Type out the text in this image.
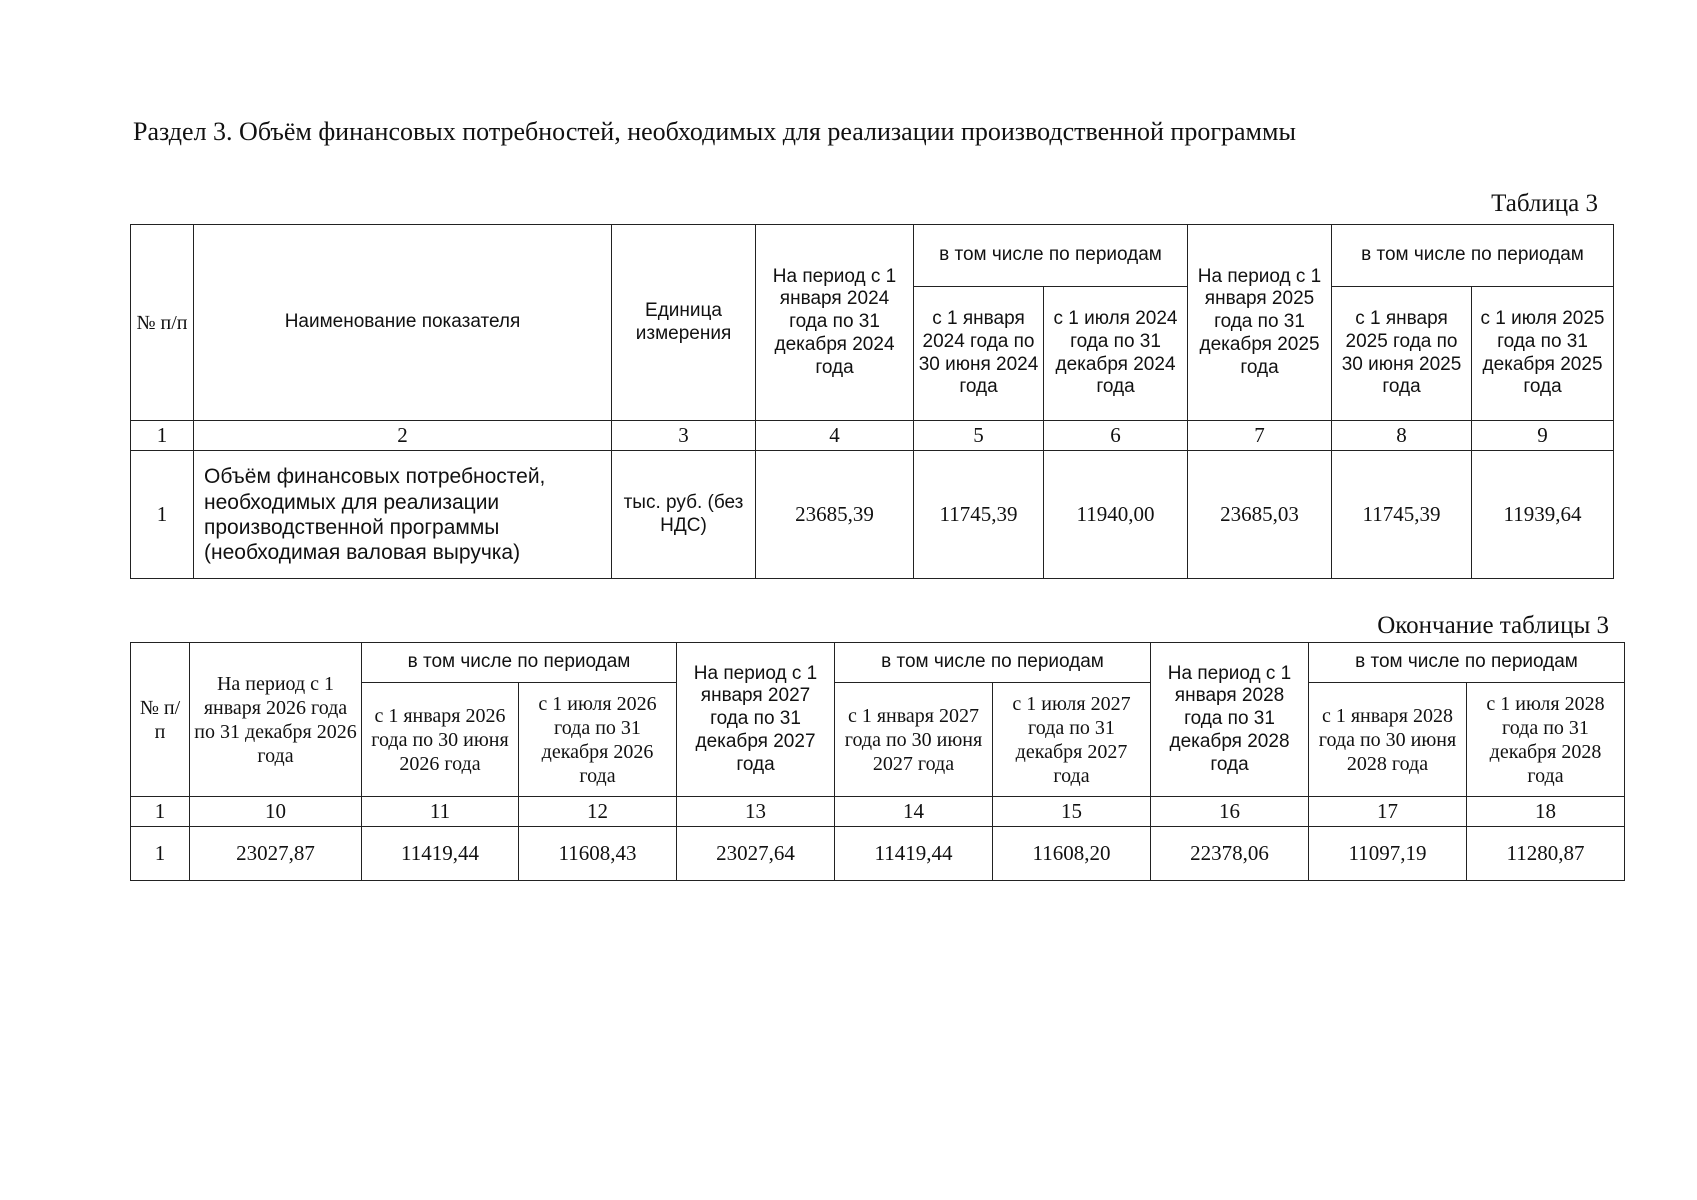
Раздел 3. Объём финансовых потребностей, необходимых для реализации производственной программы
Таблица 3
№ п/п	Наименование показателя	Единица измерения	На период с 1 января 2024 года по 31 декабря 2024 года	в том числе по периодам		На период с 1 января 2025 года по 31 декабря 2025 года	в том числе по периодам	
				с 1 января 2024 года по 30 июня 2024 года	с 1 июля 2024 года по 31 декабря 2024 года		с 1 января 2025 года по 30 июня 2025 года	с 1 июля 2025 года по 31 декабря 2025 года
1	2	3	4	5	6	7	8	9
1	Объём финансовых потребностей, необходимых для реализации производственной программы (необходимая валовая выручка)	тыс. руб. (без НДС)	23685,39	11745,39	11940,00	23685,03	11745,39	11939,64
Окончание таблицы 3
№ п/п	На период с 1 января 2026 года по 31 декабря 2026 года	в том числе по периодам		На период с 1 января 2027 года по 31 декабря 2027 года	в том числе по периодам		На период с 1 января 2028 года по 31 декабря 2028 года	в том числе по периодам	
		с 1 января 2026 года по 30 июня 2026 года	с 1 июля 2026 года по 31 декабря 2026 года		с 1 января 2027 года по 30 июня 2027 года	с 1 июля 2027 года по 31 декабря 2027 года		с 1 января 2028 года по 30 июня 2028 года	с 1 июля 2028 года по 31 декабря 2028 года
1	10	11	12	13	14	15	16	17	18
1	23027,87	11419,44	11608,43	23027,64	11419,44	11608,20	22378,06	11097,19	11280,87
